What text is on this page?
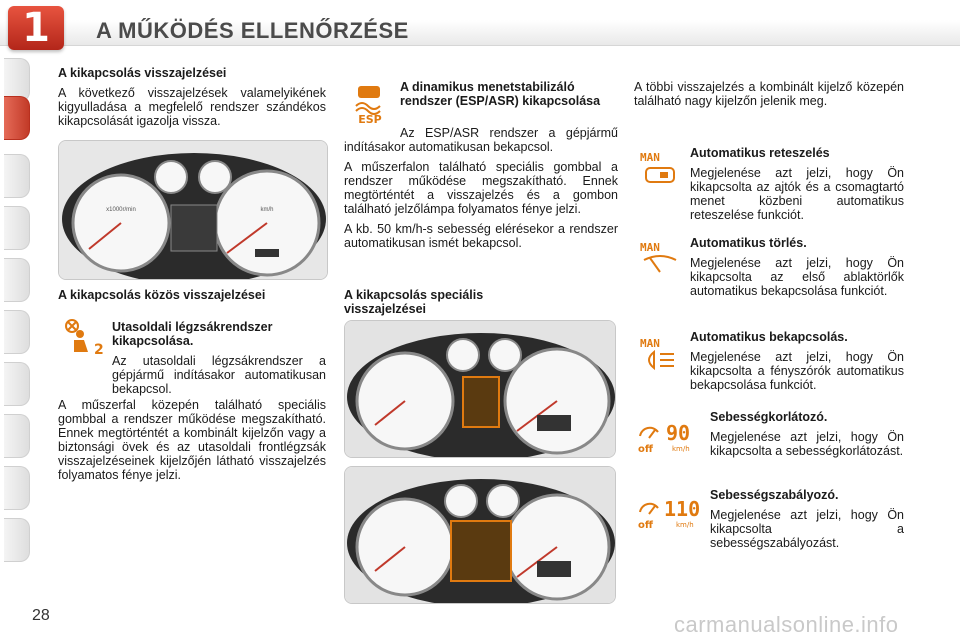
1	A MŰKÖDÉS ELLENŐRZÉSE
A kikapcsolás visszajelzései

A következő visszajelzések valamelyikének kigyulladása a megfelelő rendszer szándékos kikapcsolását igazolja vissza.

x1000r/min	km/h
A kikapcsolás közös visszajelzései
2
Utasoldali légzsákrendszer kikapcsolása.

Az utasoldali légzsákrendszer a gépjármű indításakor automatikusan bekapcsol.

A műszerfal közepén található speciális gombbal a rendszer működése megszakítható. Ennek megtörténtét a kombinált kijelzőn vagy a biztonsági övek és az utasoldali frontlégzsák visszajelzéseinek kijelzőjén látható visszajelzés folyamatos fénye jelzi.

ESP
A dinamikus menetstabilizáló rendszer (ESP/ASR) kikapcsolása

Az ESP/ASR rendszer a gépjármű indításakor automatikusan bekapcsol.

A műszerfalon található speciális gombbal a rendszer működése megszakítható. Ennek megtörténtét a visszajelzés és a gombon található jelzőlámpa folyamatos fénye jelzi.

A kb. 50 km/h-s sebesség elérésekor a rendszer automatikusan ismét bekapcsol.

A kikapcsolás speciális visszajelzései

A többi visszajelzés a kombinált kijelző közepén található nagy kijelzőn jelenik meg.

MAN Automatikus reteszelés

Megjelenése azt jelzi, hogy Ön kikapcsolta az ajtók és a csomagtartó menet közbeni automatikus reteszelése funkciót.

MAN Automatikus törlés.

Megjelenése azt jelzi, hogy Ön kikapcsolta az első ablaktörlők automatikus bekapcsolása funkciót.

MAN Automatikus bekapcsolás.

Megjelenése azt jelzi, hogy Ön kikapcsolta a fényszórók automatikus bekapcsolása funkciót.

off
90
km/h
Sebességkorlátozó.

Megjelenése azt jelzi, hogy Ön kikapcsolta a sebességkorlátozást.

off
110
km/h
Sebességszabályozó.

Megjelenése azt jelzi, hogy Ön kikapcsolta a sebességszabályozást.

28	carmanualsonline.info
